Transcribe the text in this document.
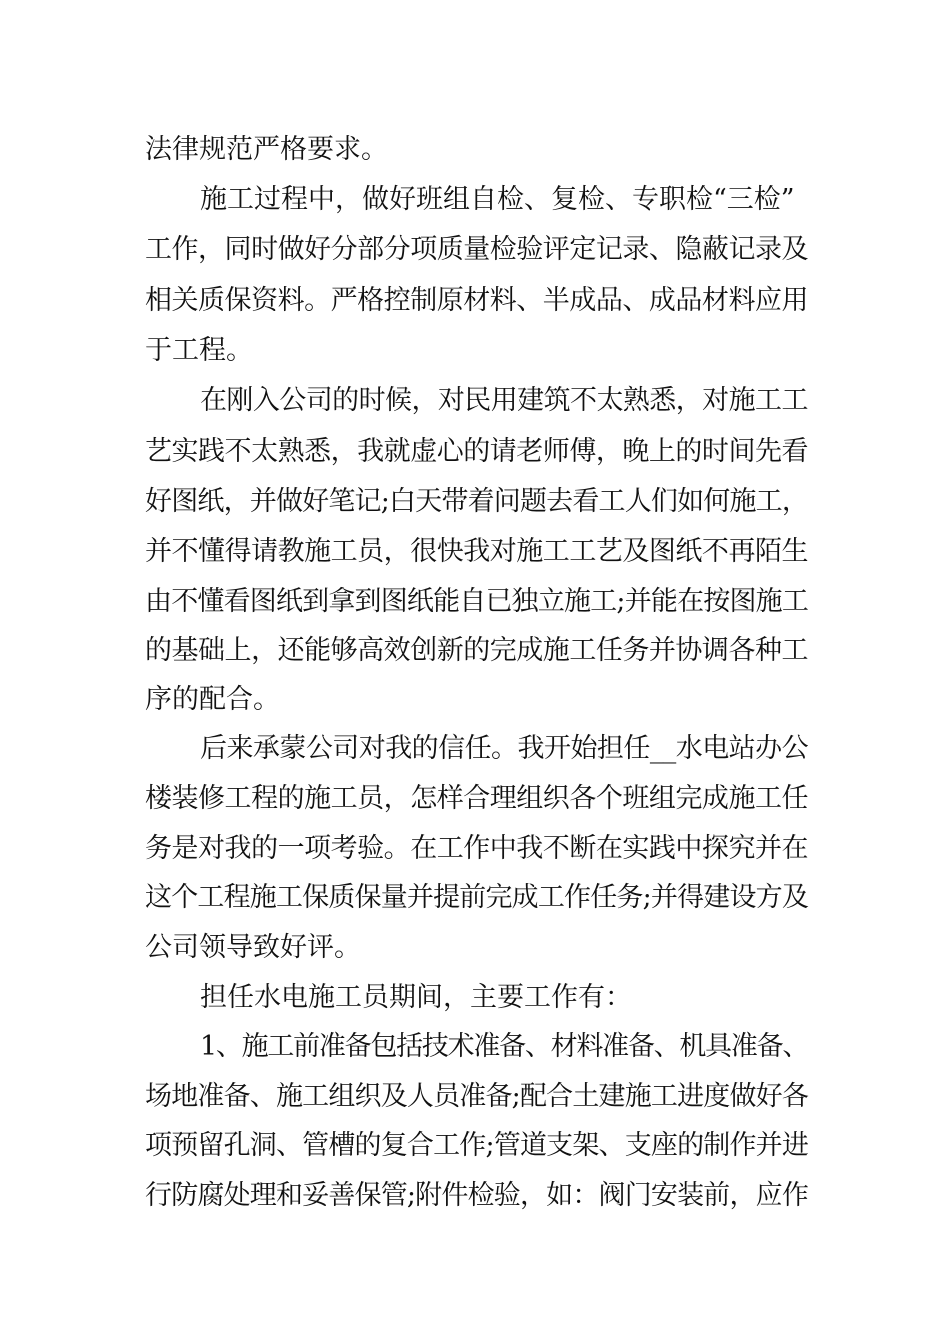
法律规范严格要求。
施工过程中，做好班组自检、复检、专职检“三检”
工作，同时做好分部分项质量检验评定记录、隐蔽记录及
相关质保资料。严格控制原材料、半成品、成品材料应用
于工程。
在刚入公司的时候，对民用建筑不太熟悉，对施工工
艺实践不太熟悉，我就虚心的请老师傅，晚上的时间先看
好图纸，并做好笔记;白天带着问题去看工人们如何施工，
并不懂得请教施工员，很快我对施工工艺及图纸不再陌生
由不懂看图纸到拿到图纸能自已独立施工;并能在按图施工
的基础上，还能够高效创新的完成施工任务并协调各种工
序的配合。
后来承蒙公司对我的信任。我开始担任__水电站办公
楼装修工程的施工员，怎样合理组织各个班组完成施工任
务是对我的一项考验。在工作中我不断在实践中探究并在
这个工程施工保质保量并提前完成工作任务;并得建设方及
公司领导致好评。
担任水电施工员期间，主要工作有：
1、施工前准备包括技术准备、材料准备、机具准备、
场地准备、施工组织及人员准备;配合土建施工进度做好各
项预留孔洞、管槽的复合工作;管道支架、支座的制作并进
行防腐处理和妥善保管;附件检验，如：阀门安装前，应作
